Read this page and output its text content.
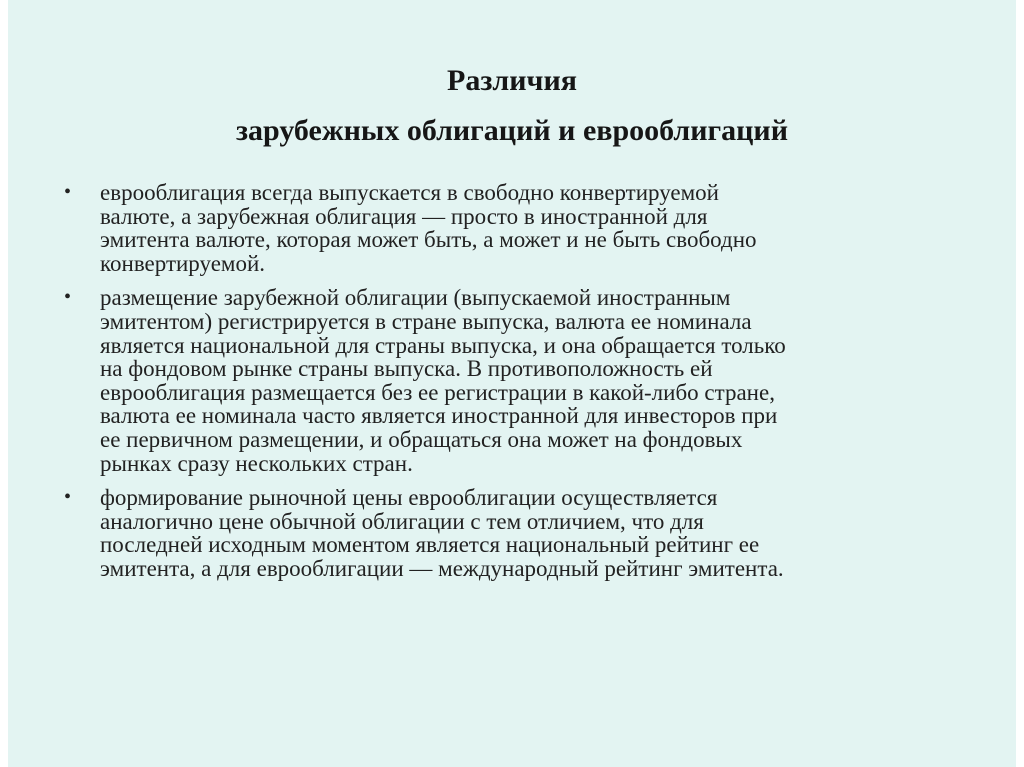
Различия
зарубежных облигаций и еврооблигаций
• еврооблигация всегда выпускается в свободно конвертируемой
валюте, а зарубежная облигация — просто в иностранной для
эмитента валюте, которая может быть, а может и не быть свободно
конвертируемой.
• размещение зарубежной облигации (выпускаемой иностранным
эмитентом) регистрируется в стране выпуска, валюта ее номинала
является национальной для страны выпуска, и она обращается только
на фондовом рынке страны выпуска. В противоположность ей
еврооблигация размещается без ее регистрации в какой-либо стране,
валюта ее номинала часто является иностранной для инвесторов при
ее первичном размещении, и обращаться она может на фондовых
рынках сразу нескольких стран.
• формирование рыночной цены еврооблигации осуществляется
аналогично цене обычной облигации с тем отличием, что для
последней исходным моментом является национальный рейтинг ее
эмитента, а для еврооблигации — международный рейтинг эмитента.
